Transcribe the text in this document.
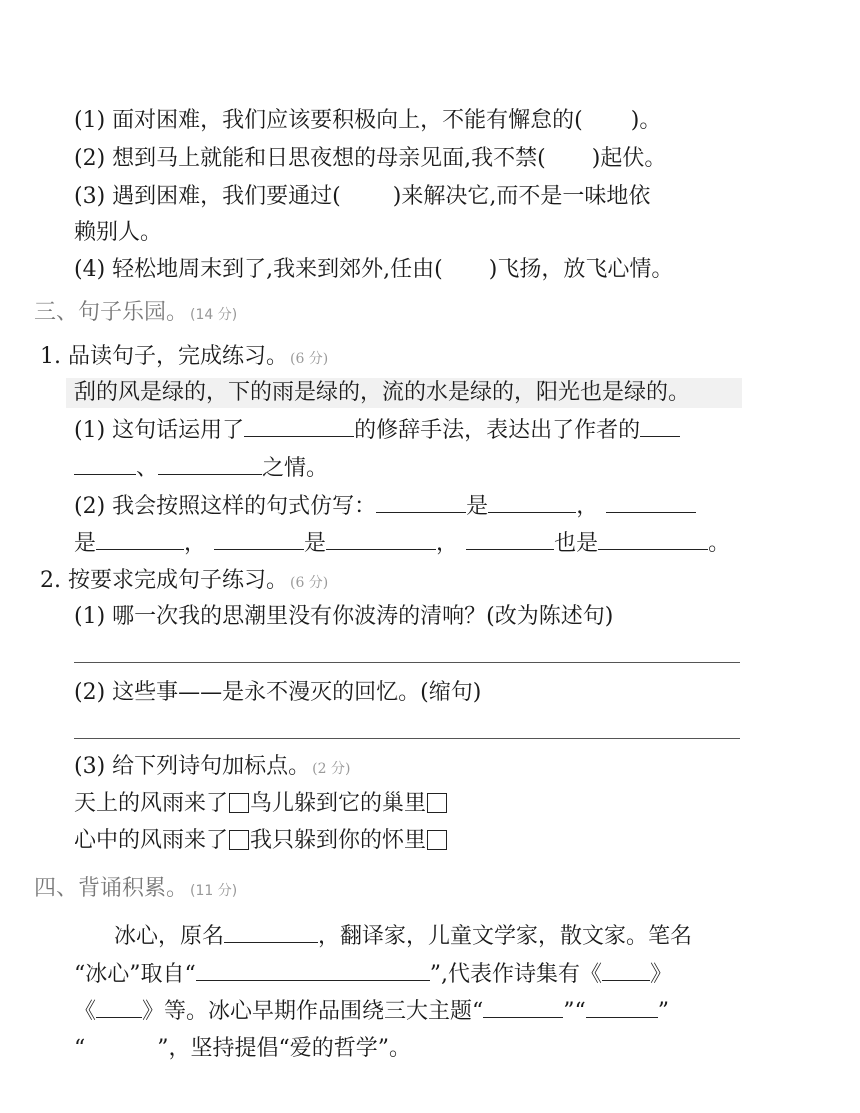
(1) 面对困难，我们应该要积极向上，不能有懈怠的( )。
(2) 想到马上就能和日思夜想的母亲见面,我不禁( )起伏。
(3) 遇到困难，我们要通过( )来解决它,而不是一味地依
赖别人。
(4) 轻松地周末到了,我来到郊外,任由( )飞扬，放飞心情。
三、句子乐园。 (14 分)
1. 品读句子，完成练习。 (6 分)
刮的风是绿的，下的雨是绿的，流的水是绿的，阳光也是绿的。
(1) 这句话运用了	的修辞手法，表达出了作者的
、	之情。
(2) 我会按照这样的句式仿写：	是	，
是	，	是	，	也是	。
2. 按要求完成句子练习。 (6 分)
(1) 哪一次我的思潮里没有你波涛的清响？(改为陈述句)
(2) 这些事——是永不漫灭的回忆。(缩句)
(3) 给下列诗句加标点。 (2 分)
天上的风雨来了 鸟儿躲到它的巢里
心中的风雨来了 我只躲到你的怀里
四、背诵积累。 (11 分)
冰心，原名	，翻译家，儿童文学家，散文家。笔名
“冰心”取自“	”,代表作诗集有《 》
《 》等。冰心早期作品围绕三大主题“	”“	”
“	”，坚持提倡“爱的哲学”。
